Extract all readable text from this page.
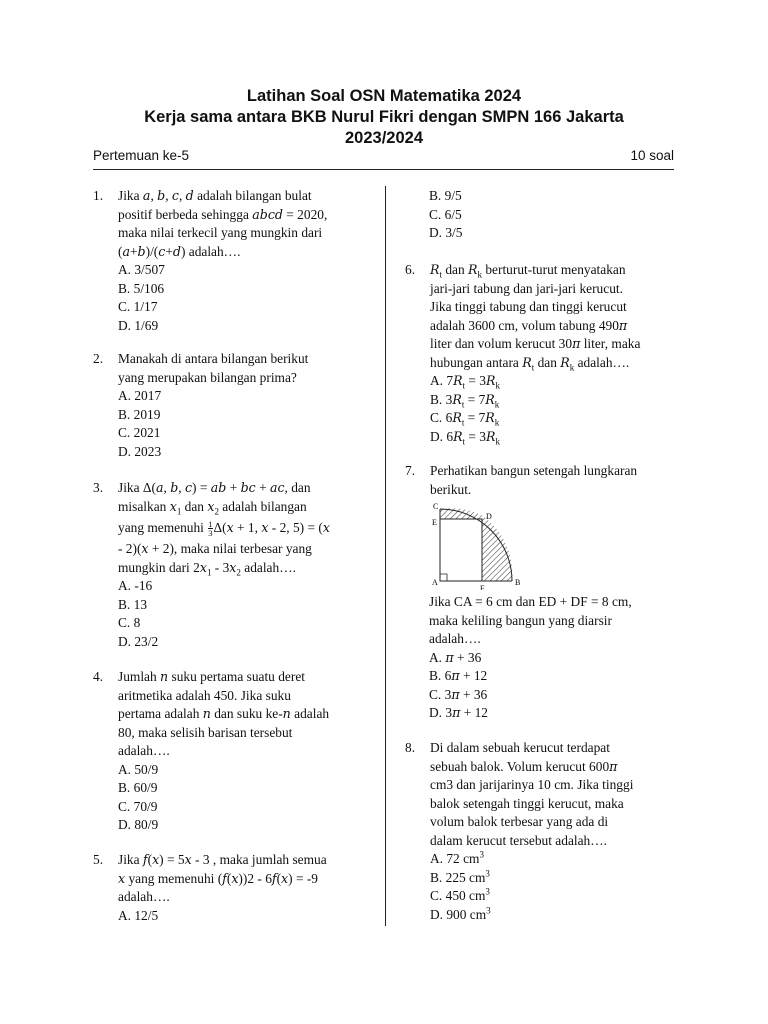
Latihan Soal OSN Matematika 2024
Kerja sama antara BKB Nurul Fikri dengan SMPN 166 Jakarta
2023/2024
Pertemuan ke-5	10 soal
1. Jika a, b, c, d adalah bilangan bulat
positif berbeda sehingga abcd = 2020,
maka nilai terkecil yang mungkin dari
(a+b)/(c+d) adalah….
A. 3/507
B. 5/106
C. 1/17
D. 1/69
2. Manakah di antara bilangan berikut
yang merupakan bilangan prima?
A. 2017
B. 2019
C. 2021
D. 2023
3. Jika Δ(a, b, c) = ab + bc + ac, dan
misalkan $x_1$ dan $x_2$ adalah bilangan
yang memenuhi $\frac{1}{3} \Delta(x + 1$, x - 2, 5) = (x
- 2)(x + 2), maka nilai terbesar yang
mungkin dari $2x_1 - 3x_2$ adalah….
A. -16
B. 13
C. 8
D. 23/2
4. Jumlah n suku pertama suatu deret
aritmetika adalah 450. Jika suku
pertama adalah n dan suku ke-n adalah
80, maka selisih barisan tersebut
adalah….
A. 50/9
B. 60/9
C. 70/9
D. 80/9
5. Jika f(x) = 5x - 3 , maka jumlah semua
x yang memenuhi (f(x))2 - 6f(x) = -9
adalah….
A. 12/5
B. 9/5
C. 6/5
D. 3/5
6. $R_t$ dan $R_k$ berturut-turut menyatakan
jari-jari tabung dan jari-jari kerucut.
Jika tinggi tabung dan tinggi kerucut
adalah 3600 cm, volum tabung 490π
liter dan volum kerucut 30π liter, maka
hubungan antara $R_t$ dan $R_k$ adalah….
A. $7R_t = 3R_k$
B. $3R_t = 7R_k$
C. $6R_t = 7R_k$
D. $6R_t = 3R_k$
7. Perhatikan bangun setengah lungkaran
berikut.
C
E
D
A
F
B
Jika CA = 6 cm dan ED + DF = 8 cm,
maka keliling bangun yang diarsir
adalah….
A. π + 36
B. 6π + 12
C. 3π + 36
D. 3π + 12
8. Di dalam sebuah kerucut terdapat
sebuah balok. Volum kerucut 600π
cm3 dan jarijarinya 10 cm. Jika tinggi
balok setengah tinggi kerucut, maka
volum balok terbesar yang ada di
dalam kerucut tersebut adalah….
A. 72 $cm^3$
B. 225 $cm^3$
C. 450 $cm^3$
D. 900 $cm^3$
